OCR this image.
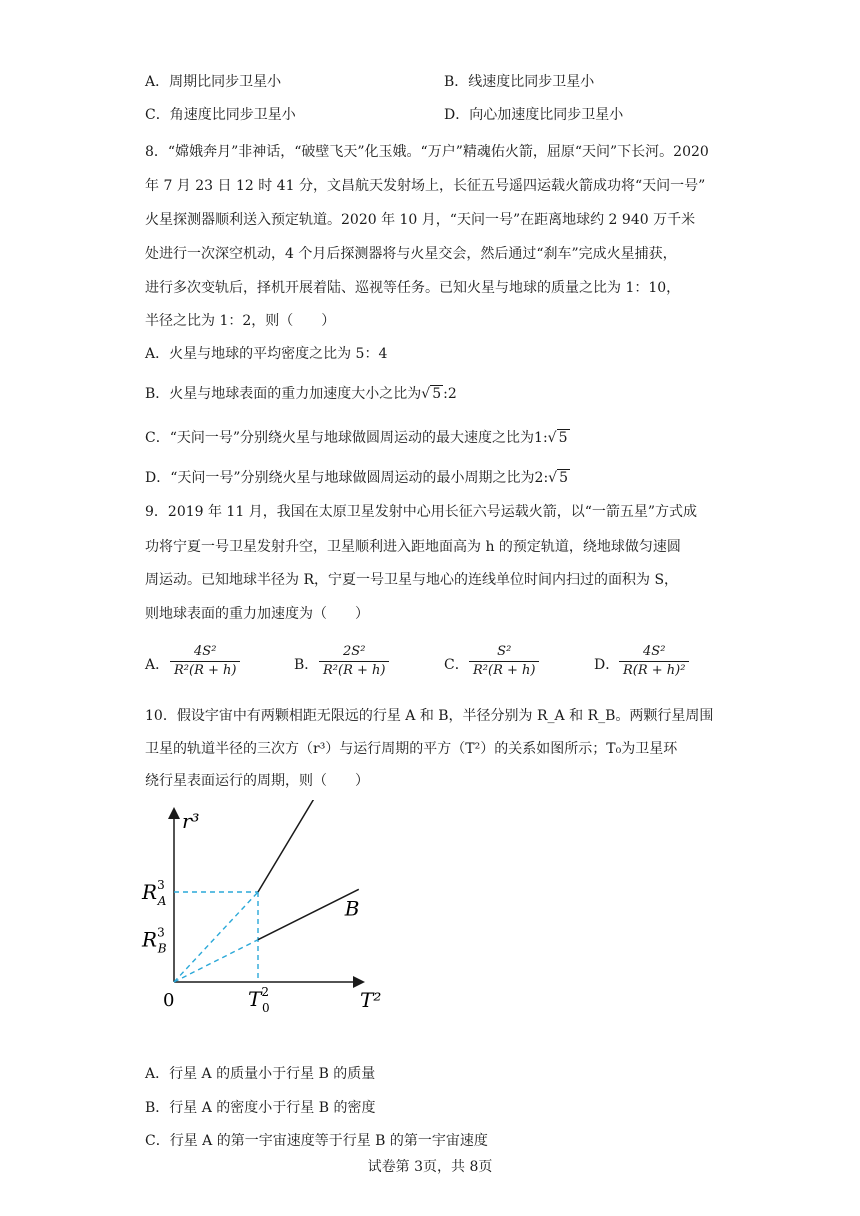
A．周期比同步卫星小	B．线速度比同步卫星小
C．角速度比同步卫星小	D．向心加速度比同步卫星小
8．“嫦娥奔月”非神话，“破壁飞天”化玉娥。“万户”精魂佑火箭，屈原“天问”下长河。2020
年 7 月 23 日 12 时 41 分，文昌航天发射场上，长征五号遥四运载火箭成功将“天问一号”
火星探测器顺利送入预定轨道。2020 年 10 月，“天问一号”在距离地球约 2 940 万千米
处进行一次深空机动，4 个月后探测器将与火星交会，然后通过“刹车”完成火星捕获，
进行多次变轨后，择机开展着陆、巡视等任务。已知火星与地球的质量之比为 1：10，
半径之比为 1：2，则（　　）
A．火星与地球的平均密度之比为 5：4
B．火星与地球表面的重力加速度大小之比为√ 5 :2
C．“天问一号”分别绕火星与地球做圆周运动的最大速度之比为1:√ 5
D．“天问一号”分别绕火星与地球做圆周运动的最小周期之比为2:√ 5
9．2019 年 11 月，我国在太原卫星发射中心用长征六号运载火箭，以“一箭五星”方式成
功将宁夏一号卫星发射升空，卫星顺利进入距地面高为 h 的预定轨道，绕地球做匀速圆
周运动。已知地球半径为 R，宁夏一号卫星与地心的连线单位时间内扫过的面积为 S，
则地球表面的重力加速度为（　　）
A． $\frac{\text{4S²}}{\text{R²(R + h)}}$	B． $\frac{\text{2S²}}{\text{R²(R + h)}}$	C． $\frac{\text{S²}}{\text{R²(R + h)}}$	D． $\frac{\text{4S²}}{\text{R(R + h)²}}$
10．假设宇宙中有两颗相距无限远的行星 A 和 B，半径分别为 R_A 和 R_B。两颗行星周围
卫星的轨道半径的三次方（r³）与运行周期的平方（T²）的关系如图所示；T₀为卫星环
绕行星表面运行的周期，则（　　）
B
$R^3$ A
$R^3$ B
$T^2$ 0
r³
T²
0
A．行星 A 的质量小于行星 B 的质量
B．行星 A 的密度小于行星 B 的密度
C．行星 A 的第一宇宙速度等于行星 B 的第一宇宙速度
试卷第 3页，共 8页
